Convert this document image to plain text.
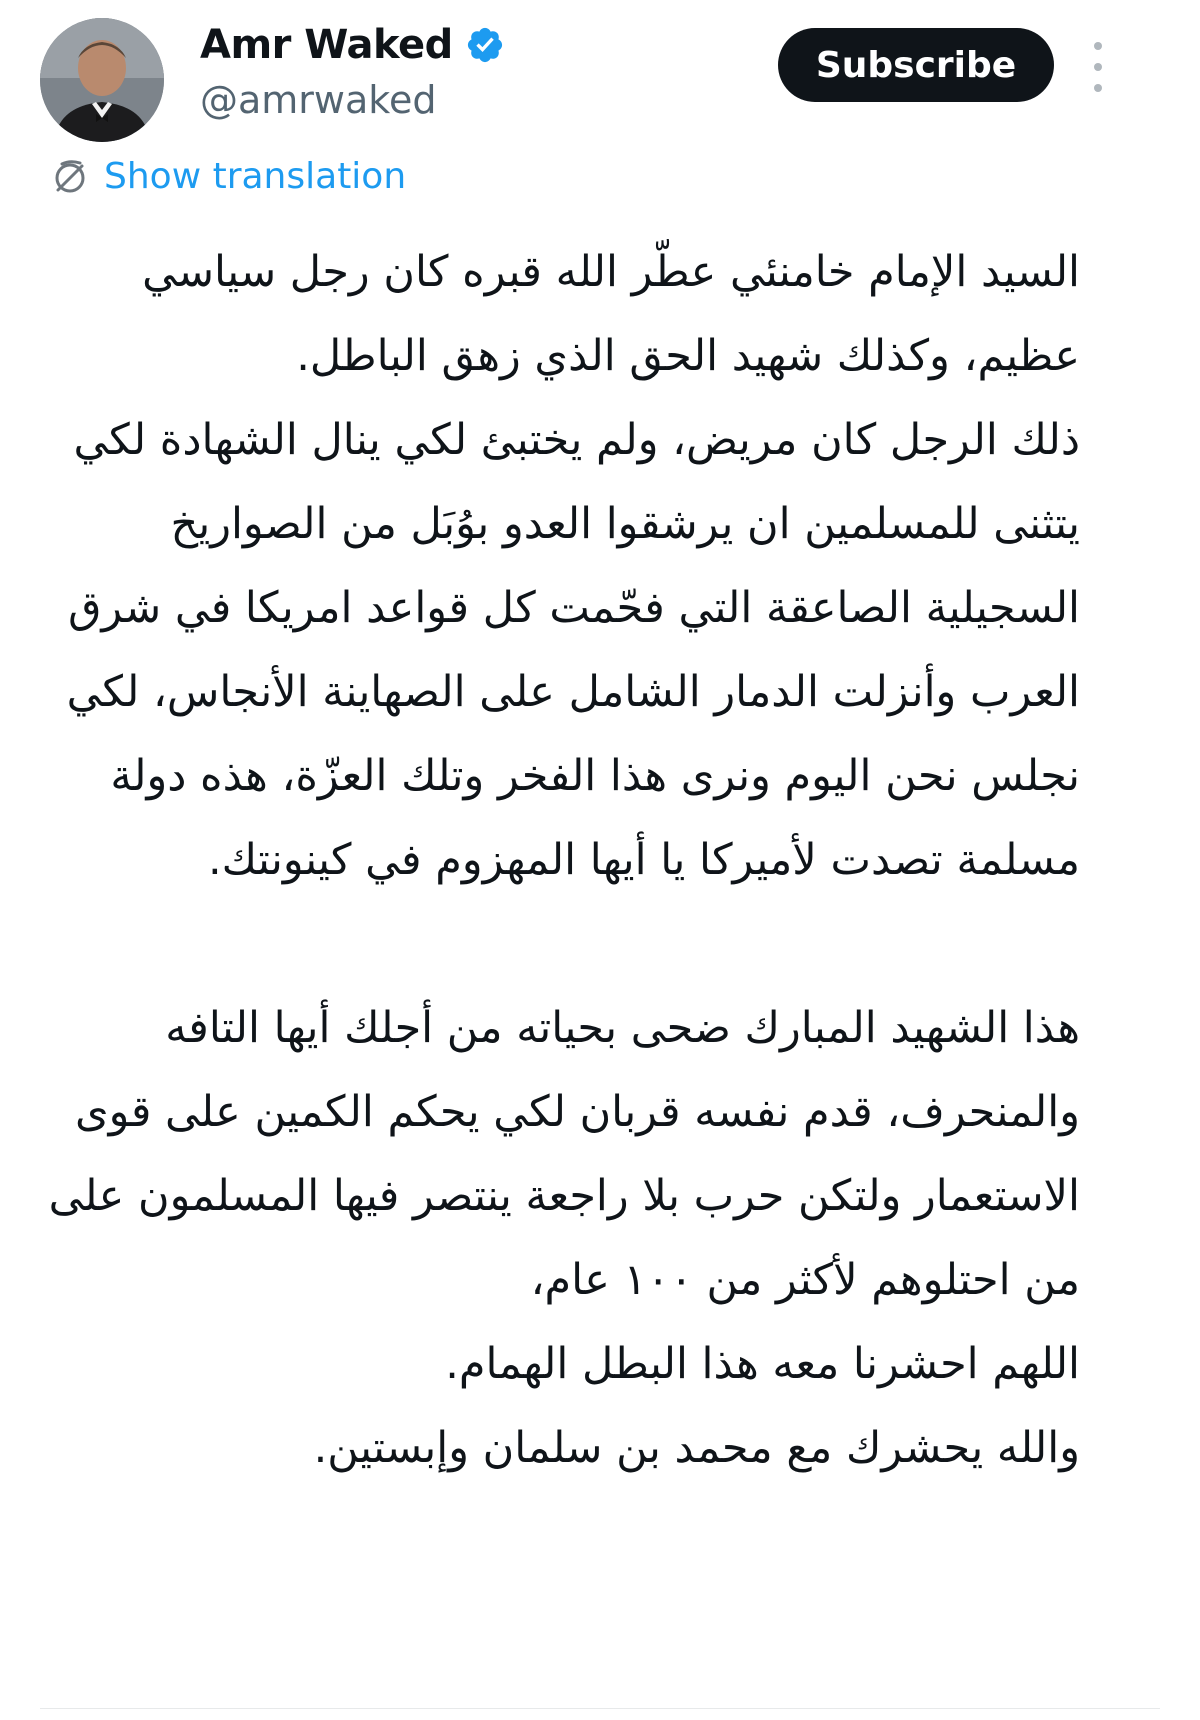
Amr Waked
@amrwaked
Subscribe
Show translation

السيد الإمام خامنئي عطّر الله قبره كان رجل سياسي عظيم، وكذلك شهيد الحق الذي زهق الباطل.

ذلك الرجل كان مريض، ولم يختبئ لكي ينال الشهادة لكي يتثنى للمسلمين ان يرشقوا العدو بوُبَل من الصواريخ السجيلية الصاعقة التي فحّمت كل قواعد امريكا في شرق العرب وأنزلت الدمار الشامل على الصهاينة الأنجاس، لكي نجلس نحن اليوم ونرى هذا الفخر وتلك العزّة، هذه دولة مسلمة تصدت لأميركا يا أيها المهزوم في كينونتك.

هذا الشهيد المبارك ضحى بحياته من أجلك أيها التافه والمنحرف، قدم نفسه قربان لكي يحكم الكمين على قوى الاستعمار ولتكن حرب بلا راجعة ينتصر فيها المسلمون على من احتلوهم لأكثر من ١٠٠ عام،

اللهم احشرنا معه هذا البطل الهمام.

والله يحشرك مع محمد بن سلمان وإبستين.
